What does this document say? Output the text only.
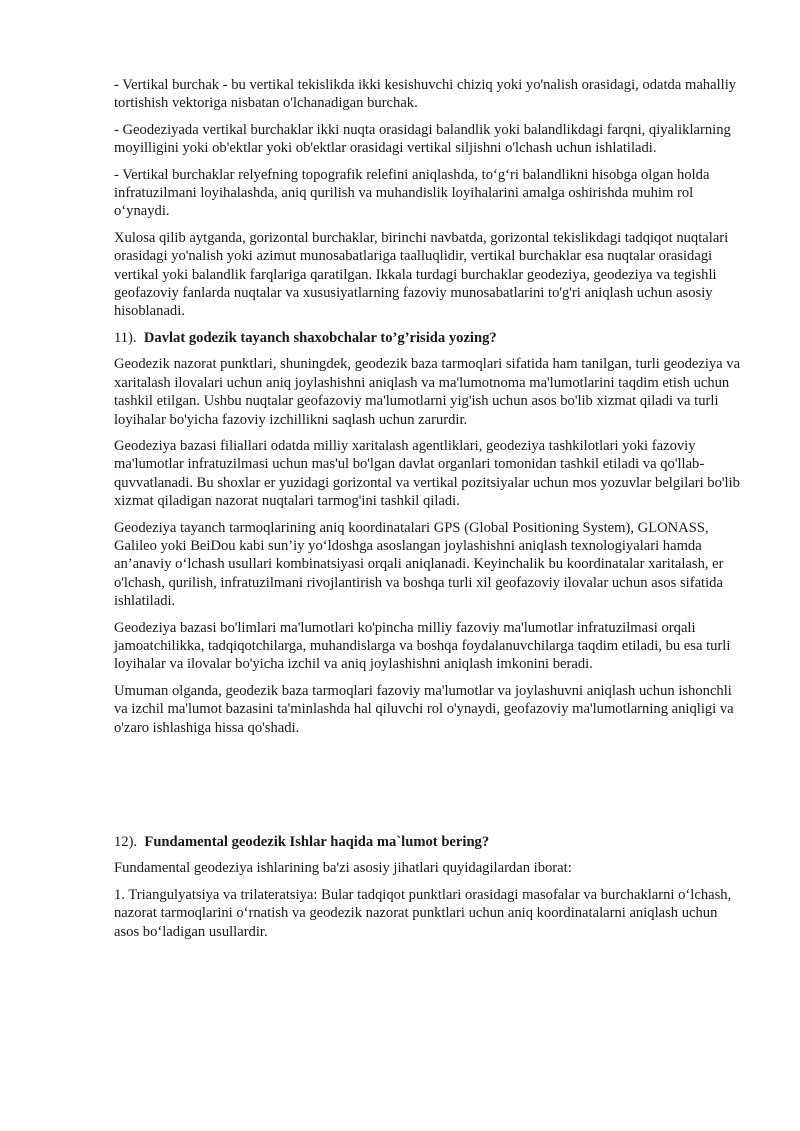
- Vertikal burchak - bu vertikal tekislikda ikki kesishuvchi chiziq yoki yo'nalish orasidagi, odatda mahalliy tortishish vektoriga nisbatan o'lchanadigan burchak.

- Geodeziyada vertikal burchaklar ikki nuqta orasidagi balandlik yoki balandlikdagi farqni, qiyaliklarning moyilligini yoki ob'ektlar yoki ob'ektlar orasidagi vertikal siljishni o'lchash uchun ishlatiladi.

- Vertikal burchaklar relyefning topografik relefini aniqlashda, to‘g‘ri balandlikni hisobga olgan holda infratuzilmani loyihalashda, aniq qurilish va muhandislik loyihalarini amalga oshirishda muhim rol o‘ynaydi.

Xulosa qilib aytganda, gorizontal burchaklar, birinchi navbatda, gorizontal tekislikdagi tadqiqot nuqtalari orasidagi yo'nalish yoki azimut munosabatlariga taalluqlidir, vertikal burchaklar esa nuqtalar orasidagi vertikal yoki balandlik farqlariga qaratilgan. Ikkala turdagi burchaklar geodeziya, geodeziya va tegishli geofazoviy fanlarda nuqtalar va xususiyatlarning fazoviy munosabatlarini to'g'ri aniqlash uchun asosiy hisoblanadi.

11). Davlat godezik tayanch shaxobchalar to’g’risida yozing?

Geodezik nazorat punktlari, shuningdek, geodezik baza tarmoqlari sifatida ham tanilgan, turli geodeziya va xaritalash ilovalari uchun aniq joylashishni aniqlash va ma'lumotnoma ma'lumotlarini taqdim etish uchun tashkil etilgan. Ushbu nuqtalar geofazoviy ma'lumotlarni yig'ish uchun asos bo'lib xizmat qiladi va turli loyihalar bo'yicha fazoviy izchillikni saqlash uchun zarurdir.

Geodeziya bazasi filiallari odatda milliy xaritalash agentliklari, geodeziya tashkilotlari yoki fazoviy ma'lumotlar infratuzilmasi uchun mas'ul bo'lgan davlat organlari tomonidan tashkil etiladi va qo'llab-quvvatlanadi. Bu shoxlar er yuzidagi gorizontal va vertikal pozitsiyalar uchun mos yozuvlar belgilari bo'lib xizmat qiladigan nazorat nuqtalari tarmog'ini tashkil qiladi.

Geodeziya tayanch tarmoqlarining aniq koordinatalari GPS (Global Positioning System), GLONASS, Galileo yoki BeiDou kabi sun’iy yo‘ldoshga asoslangan joylashishni aniqlash texnologiyalari hamda an’anaviy o‘lchash usullari kombinatsiyasi orqali aniqlanadi. Keyinchalik bu koordinatalar xaritalash, er o'lchash, qurilish, infratuzilmani rivojlantirish va boshqa turli xil geofazoviy ilovalar uchun asos sifatida ishlatiladi.

Geodeziya bazasi bo'limlari ma'lumotlari ko'pincha milliy fazoviy ma'lumotlar infratuzilmasi orqali jamoatchilikka, tadqiqotchilarga, muhandislarga va boshqa foydalanuvchilarga taqdim etiladi, bu esa turli loyihalar va ilovalar bo'yicha izchil va aniq joylashishni aniqlash imkonini beradi.

Umuman olganda, geodezik baza tarmoqlari fazoviy ma'lumotlar va joylashuvni aniqlash uchun ishonchli va izchil ma'lumot bazasini ta'minlashda hal qiluvchi rol o'ynaydi, geofazoviy ma'lumotlarning aniqligi va o'zaro ishlashiga hissa qo'shadi.

12). Fundamental geodezik Ishlar haqida ma`lumot bering?

Fundamental geodeziya ishlarining ba'zi asosiy jihatlari quyidagilardan iborat:

1. Triangulyatsiya va trilateratsiya: Bular tadqiqot punktlari orasidagi masofalar va burchaklarni o‘lchash, nazorat tarmoqlarini o‘rnatish va geodezik nazorat punktlari uchun aniq koordinatalarni aniqlash uchun asos bo‘ladigan usullardir.
